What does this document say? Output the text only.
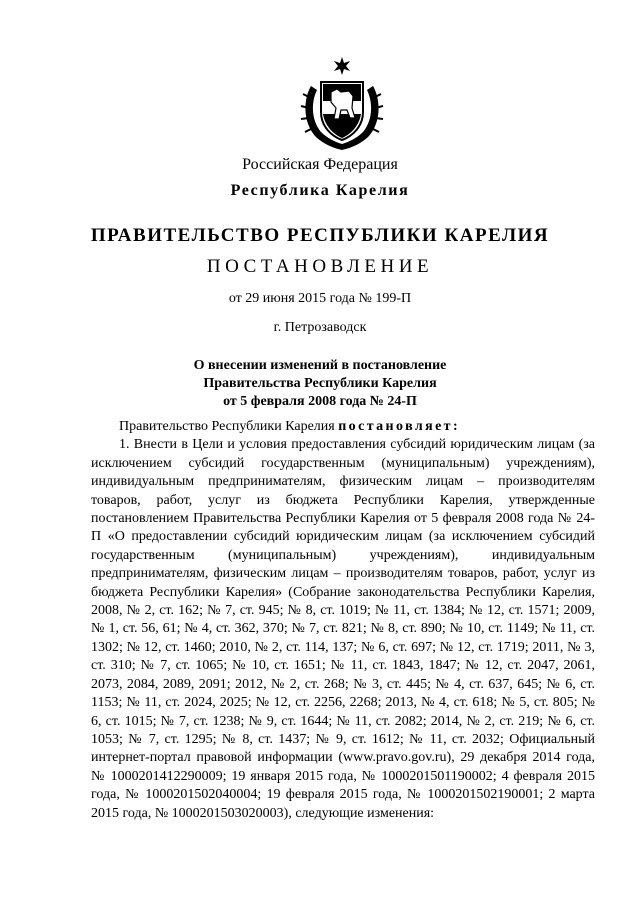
Российская Федерация
Республика Карелия
ПРАВИТЕЛЬСТВО РЕСПУБЛИКИ КАРЕЛИЯ
ПОСТАНОВЛЕНИЕ
от 29 июня 2015 года № 199-П
г. Петрозаводск
О внесении изменений в постановление
Правительства Республики Карелия
от 5 февраля 2008 года № 24-П

Правительство Республики Карелия постановляет:

1. Внести в Цели и условия предоставления субсидий юридическим лицам (за исключением субсидий государственным (муниципальным) учреждениям), индивидуальным предпринимателям, физическим лицам – производителям товаров, работ, услуг из бюджета Республики Карелия, утвержденные постановлением Правительства Республики Карелия от 5 февраля 2008 года № 24-П «О предоставлении субсидий юридическим лицам (за исключением субсидий государственным (муниципальным) учреждениям), индивидуальным предпринимателям, физическим лицам – производителям товаров, работ, услуг из бюджета Республики Карелия» (Собрание законодательства Республики Карелия, 2008, № 2, ст. 162; № 7, ст. 945; № 8, ст. 1019; № 11, ст. 1384; № 12, ст. 1571; 2009, № 1, ст. 56, 61; № 4, ст. 362, 370; № 7, ст. 821; № 8, ст. 890; № 10, ст. 1149; № 11, ст. 1302; № 12, ст. 1460; 2010, № 2, ст. 114, 137; № 6, ст. 697; № 12, ст. 1719; 2011, № 3, ст. 310; № 7, ст. 1065; № 10, ст. 1651; № 11, ст. 1843, 1847; № 12, ст. 2047, 2061, 2073, 2084, 2089, 2091; 2012, № 2, ст. 268; № 3, ст. 445; № 4, ст. 637, 645; № 6, ст. 1153; № 11, ст. 2024, 2025; № 12, ст. 2256, 2268; 2013, № 4, ст. 618; № 5, ст. 805; № 6, ст. 1015; № 7, ст. 1238; № 9, ст. 1644; № 11, ст. 2082; 2014, № 2, ст. 219; № 6, ст. 1053; № 7, ст. 1295; № 8, ст. 1437; № 9, ст. 1612; № 11, ст. 2032; Официальный интернет-портал правовой информации (www.pravo.gov.ru), 29 декабря 2014 года, № 1000201412290009; 19 января 2015 года, № 1000201501190002; 4 февраля 2015 года, № 1000201502040004; 19 февраля 2015 года, № 1000201502190001; 2 марта 2015 года, № 1000201503020003), следующие изменения:
